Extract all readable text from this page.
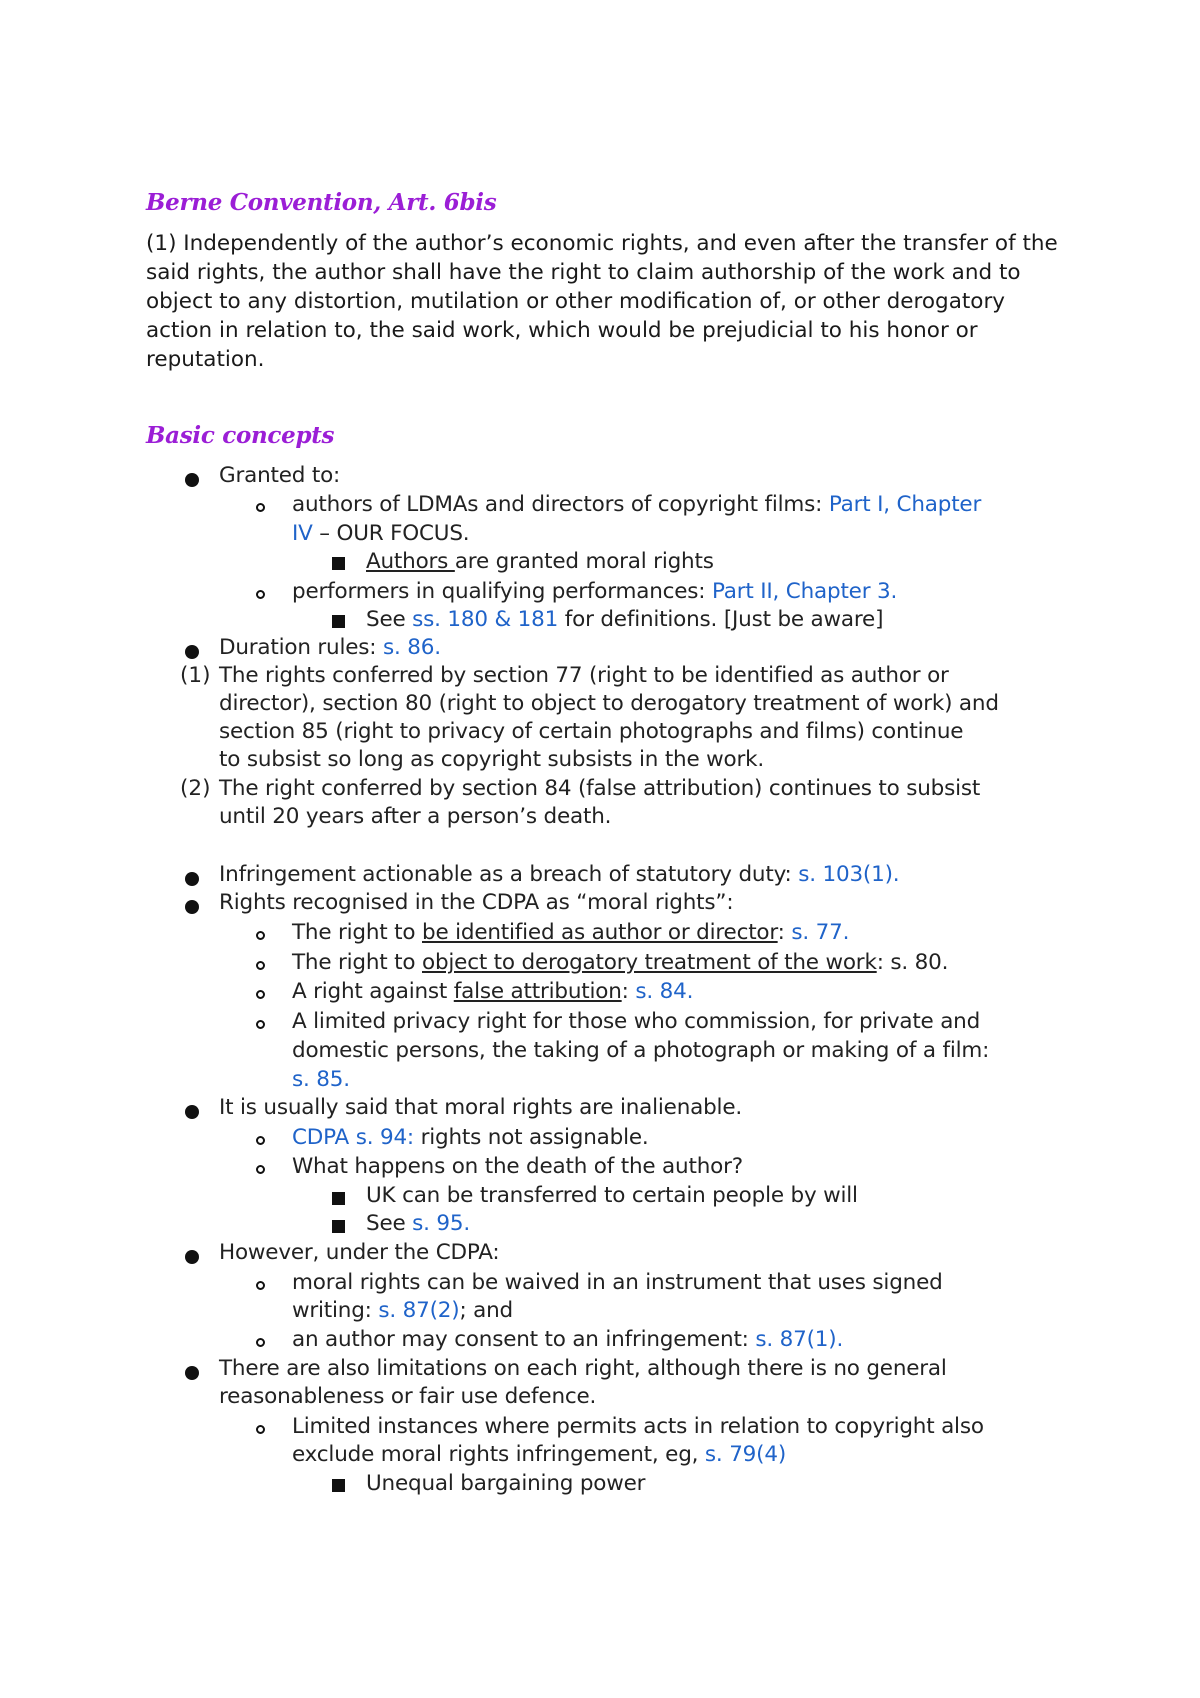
Berne Convention, Art. 6bis

(1) Independently of the author’s economic rights, and even after the transfer of the said rights, the author shall have the right to claim authorship of the work and to object to any distortion, mutilation or other modification of, or other derogatory action in relation to, the said work, which would be prejudicial to his honor or reputation.

Basic concepts
Granted to:
authors of LDMAs and directors of copyright films: Part I, Chapter
IV – OUR FOCUS.
Authors are granted moral rights
performers in qualifying performances: Part II, Chapter 3.
See ss. 180 & 181 for definitions. [Just be aware]
Duration rules: s. 86.
(1) The rights conferred by section 77 (right to be identified as author or
director), section 80 (right to object to derogatory treatment of work) and
section 85 (right to privacy of certain photographs and films) continue
to subsist so long as copyright subsists in the work.
(2) The right conferred by section 84 (false attribution) continues to subsist
until 20 years after a person’s death.
Infringement actionable as a breach of statutory duty: s. 103(1).
Rights recognised in the CDPA as “moral rights”:
The right to be identified as author or director: s. 77.
The right to object to derogatory treatment of the work: s. 80.
A right against false attribution: s. 84.
A limited privacy right for those who commission, for private and
domestic persons, the taking of a photograph or making of a film:
s. 85.
It is usually said that moral rights are inalienable.
CDPA s. 94: rights not assignable.
What happens on the death of the author?
UK can be transferred to certain people by will
See s. 95.
However, under the CDPA:
moral rights can be waived in an instrument that uses signed
writing: s. 87(2); and
an author may consent to an infringement: s. 87(1).
There are also limitations on each right, although there is no general
reasonableness or fair use defence.
Limited instances where permits acts in relation to copyright also
exclude moral rights infringement, eg, s. 79(4)
Unequal bargaining power
